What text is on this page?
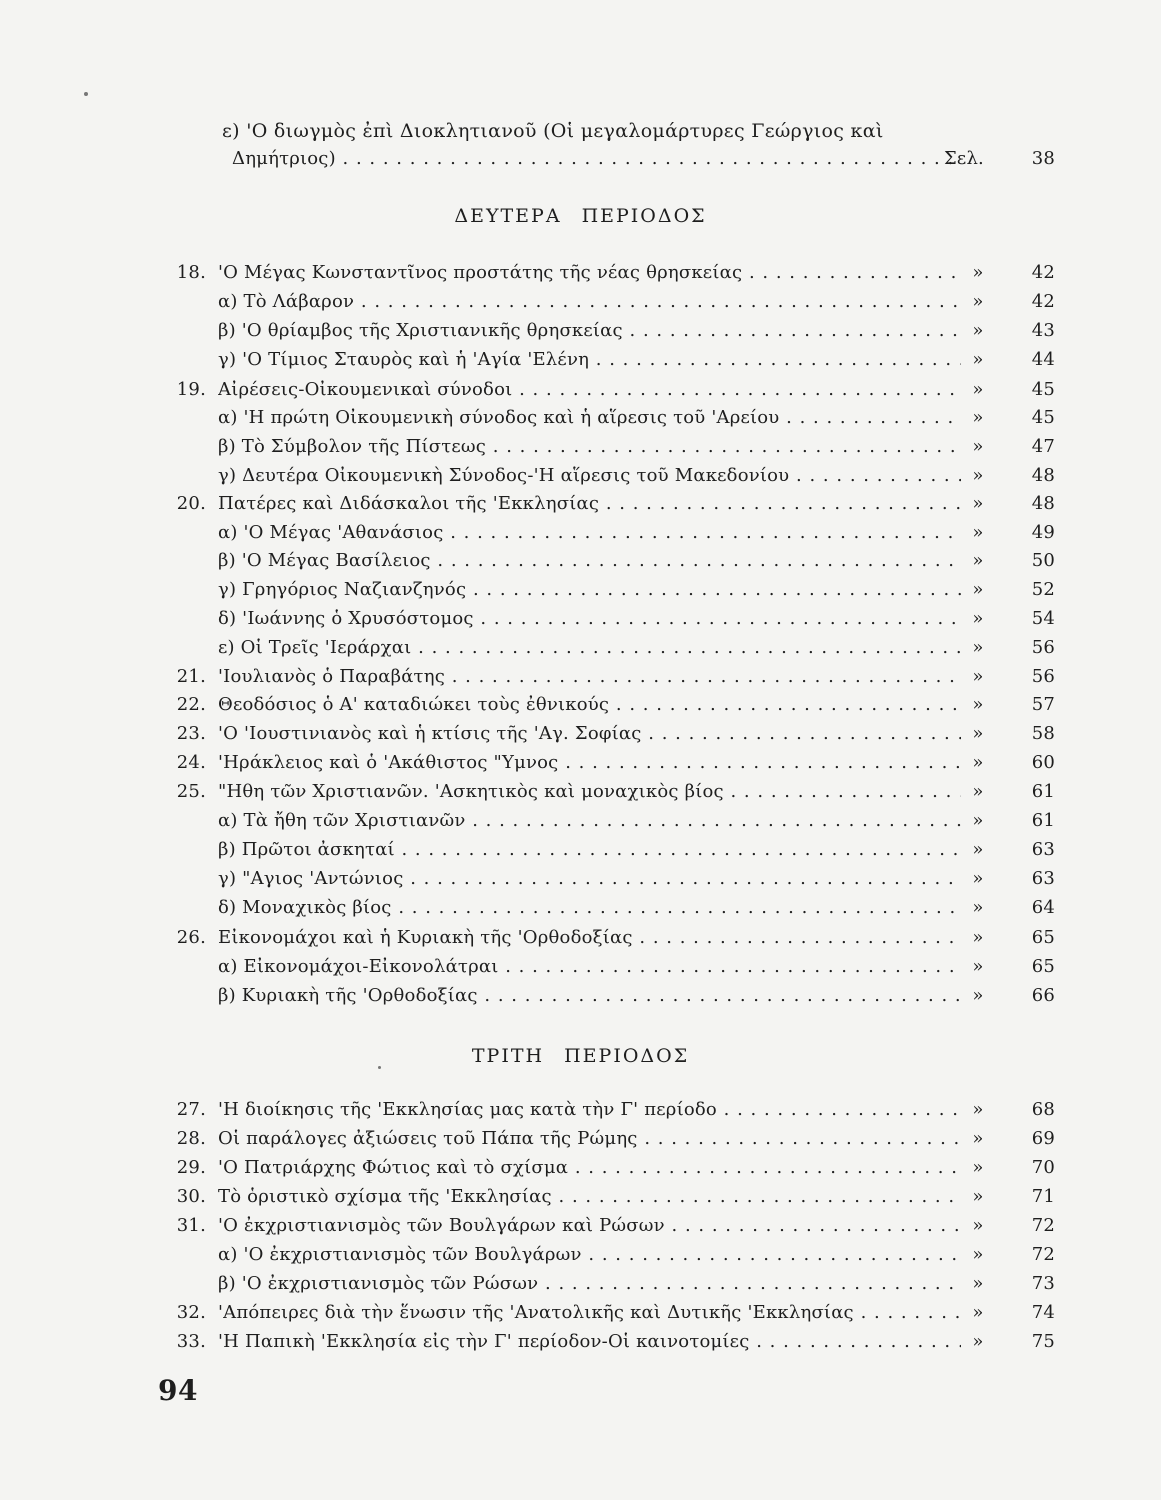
ε) 'Ο διωγμὸς ἐπὶ Διοκλητιανοῦ (Οἱ μεγαλομάρτυρες Γεώργιος καὶ
Δημήτριος) . . .	Σελ.	38
ΔΕΥΤΕΡΑ ΠΕΡΙΟΔΟΣ
ΤΡΙΤΗ ΠΕΡΙΟΔΟΣ
18. 'Ο Μέγας Κωνσταντῖνος προστάτης τῆς νέας θρησκείας . . .	»	42
α) Τὸ Λάβαρον . . .	»	42
β) 'Ο θρίαμβος τῆς Χριστιανικῆς θρησκείας . . .	»	43
γ) 'Ο Τίμιος Σταυρὸς καὶ ἡ 'Αγία 'Ελένη . . .	»	44
19. Αἰρέσεις-Οἰκουμενικαὶ σύνοδοι . . .	»	45
α) 'Η πρώτη Οἰκουμενικὴ σύνοδος καὶ ἡ αἵρεσις τοῦ 'Αρείου . . .	»	45
β) Τὸ Σύμβολον τῆς Πίστεως . . .	»	47
γ) Δευτέρα Οἰκουμενικὴ Σύνοδος-'Η αἵρεσις τοῦ Μακεδονίου . . .	»	48
20. Πατέρες καὶ Διδάσκαλοι τῆς 'Εκκλησίας . . .	»	48
α) 'Ο Μέγας 'Αθανάσιος . . .	»	49
β) 'Ο Μέγας Βασίλειος . . .	»	50
γ) Γρηγόριος Ναζιανζηνός . . .	»	52
δ) 'Ιωάννης ὁ Χρυσόστομος . . .	»	54
ε) Οἱ Τρεῖς 'Ιεράρχαι . . .	»	56
21. 'Ιουλιανὸς ὁ Παραβάτης . . .	»	56
22. Θεοδόσιος ὁ Α' καταδιώκει τοὺς ἐθνικούς . . .	»	57
23. 'Ο 'Ιουστινιανὸς καὶ ἡ κτίσις τῆς 'Αγ. Σοφίας . . .	»	58
24. 'Ηράκλειος καὶ ὁ 'Ακάθιστος "Υμνος . . .	»	60
25. "Ηθη τῶν Χριστιανῶν. 'Ασκητικὸς καὶ μοναχικὸς βίος . . .	»	61
α) Τὰ ἤθη τῶν Χριστιανῶν . . .	»	61
β) Πρῶτοι ἀσκηταί . . .	»	63
γ) "Αγιος 'Αντώνιος . . .	»	63
δ) Μοναχικὸς βίος . . .	»	64
26. Εἰκονομάχοι καὶ ἡ Κυριακὴ τῆς 'Ορθοδοξίας . . .	»	65
α) Εἰκονομάχοι-Εἰκονολάτραι . . .	»	65
β) Κυριακὴ τῆς 'Ορθοδοξίας . . .	»	66
27. 'Η διοίκησις τῆς 'Εκκλησίας μας κατὰ τὴν Γ' περίοδο . . .	»	68
28. Οἱ παράλογες ἀξιώσεις τοῦ Πάπα τῆς Ρώμης . . .	»	69
29. 'Ο Πατριάρχης Φώτιος καὶ τὸ σχίσμα . . .	»	70
30. Τὸ ὁριστικὸ σχίσμα τῆς 'Εκκλησίας . . .	»	71
31. 'Ο ἐκχριστιανισμὸς τῶν Βουλγάρων καὶ Ρώσων . . .	»	72
α) 'Ο ἐκχριστιανισμὸς τῶν Βουλγάρων . . .	»	72
β) 'Ο ἐκχριστιανισμὸς τῶν Ρώσων . . .	»	73
32. 'Απόπειρες διὰ τὴν ἕνωσιν τῆς 'Ανατολικῆς καὶ Δυτικῆς 'Εκκλησίας . . .	»	74
33. 'Η Παπικὴ 'Εκκλησία εἰς τὴν Γ' περίοδον-Οἱ καινοτομίες . . .	»	75
94
